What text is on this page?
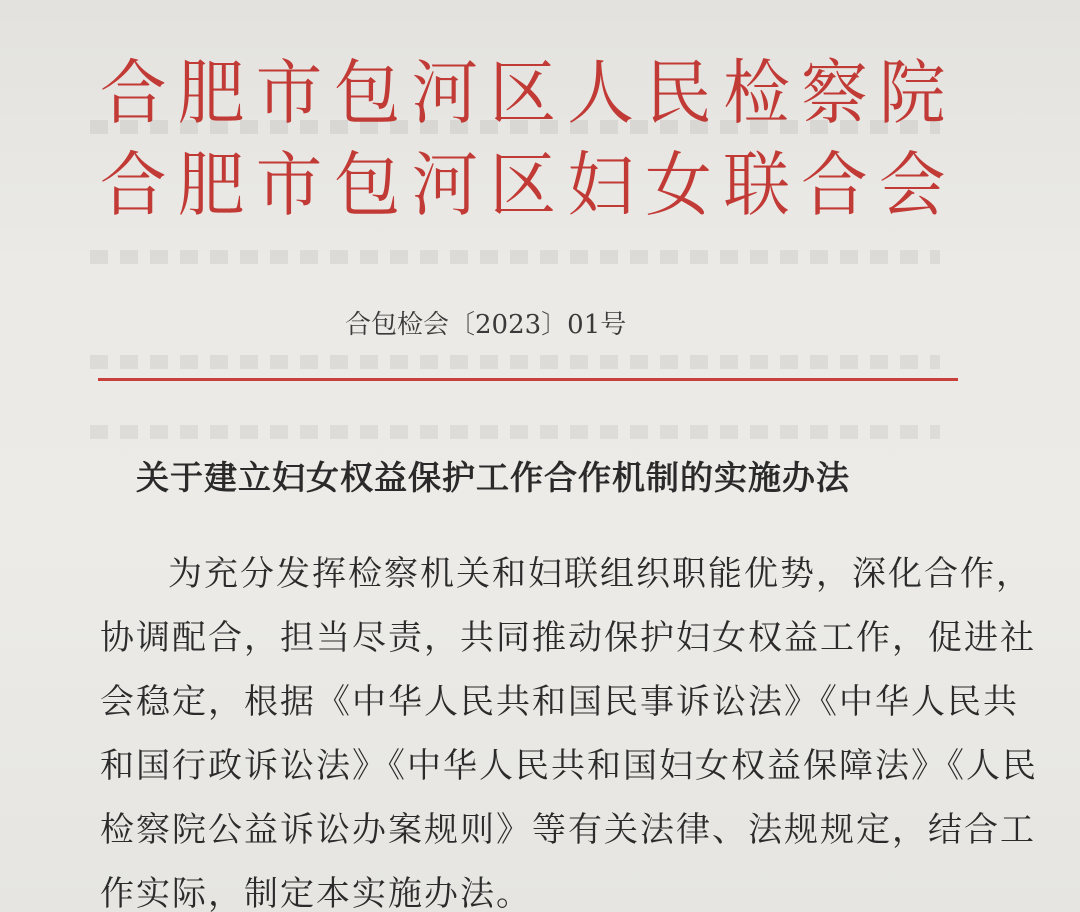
合肥市包河区人民检察院
合肥市包河区妇女联合会
合包检会〔2023〕01号
关于建立妇女权益保护工作合作机制的实施办法
为充分发挥检察机关和妇联组织职能优势，深化合作，
协调配合，担当尽责，共同推动保护妇女权益工作，促进社
会稳定，根据《中华人民共和国民事诉讼法》《中华人民共
和国行政诉讼法》《中华人民共和国妇女权益保障法》《人民
检察院公益诉讼办案规则》等有关法律、法规规定，结合工
作实际，制定本实施办法。
